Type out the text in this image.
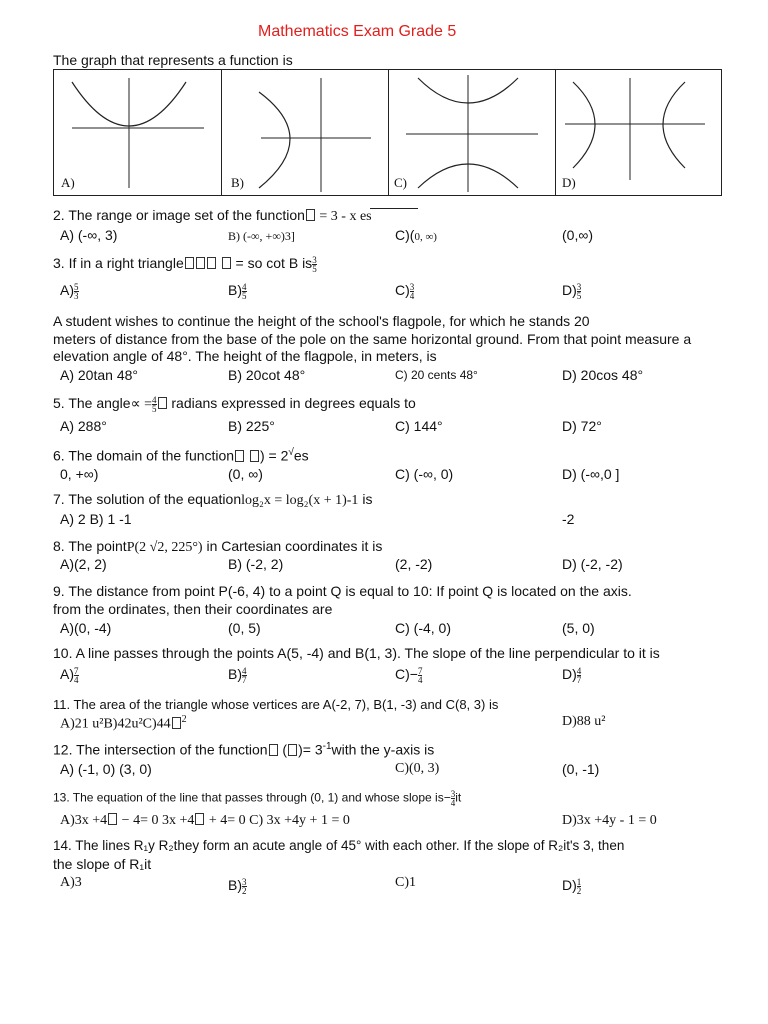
Mathematics Exam Grade 5
The graph that represents a function is
A)	B)	C)	D)
2. The range or image set of the function = 3 - x es
A) (-∞, 3)	B) (-∞, +∞)3]	C)(0, ∞)	(0,∞)
3. If in a right triangle	= so cot B is $\frac{3}{5}$
$A) \frac{5}{3}$	$B) \frac{4}{5}$	$C) \frac{3}{4}$	$D) \frac{3}{5}$
A student wishes to continue the height of the school's flagpole, for which he stands 20
meters of distance from the base of the pole on the same horizontal ground. From that point measure a
elevation angle of 48°. The height of the flagpole, in meters, is
A) 20tan 48°	B) 20cot 48°	C) 20 cents 48°	D) 20cos 48°
5. The angle∝ = $\frac{4}{5}$ radians expressed in degrees equals to
A) 288°	B) 225°	C) 144°	D) 72°
6. The domain of the function ) = 2√es
0, +∞)	(0, ∞)	C) (-∞, 0)	D) (-∞,0 ]
7. The solution of the equationlog₂x = log₂(x + 1)-1 is
A) 2 B) 1 -1	-2
8. The pointP(2 √2, 225°) in Cartesian coordinates it is
A)(2, 2)	B) (-2, 2)	(2, -2)	D) (-2, -2)
9. The distance from point P(-6, 4) to a point Q is equal to 10: If point Q is located on the axis.
from the ordinates, then their coordinates are
A)(0, -4)	(0, 5)	C) (-4, 0)	(5, 0)
10. A line passes through the points A(5, -4) and B(1, 3). The slope of the line perpendicular to it is
$A) \frac{7}{4}$	$B) \frac{4}{7}$	$C)- \frac{7}{4}$	$D) \frac{4}{7}$
11. The area of the triangle whose vertices are A(-2, 7), B(1, -3) and C(8, 3) is
A)21 u²B)42u²C)44 $^2$	D)88 u²
12. The intersection of the function ( )= $3^{-1}with$ the y-axis is
A) (-1, 0) (3, 0)	C)(0, 3)	(0, -1)
13. The equation of the line that passes through (0, 1) and whose slope $is- \frac{3}{4}$ it
A)3x +4 − 4= 0 3x +4 + 4= 0 C) 3x +4y + 1 = 0	D)3x +4y - 1 = 0
14. The lines R₁y R₂they form an acute angle of 45° with each other. If the slope of R₂it's 3, then
the slope of R₁it
A)3	$B) \frac{3}{2}$	C)1	$D) \frac{1}{2}$
